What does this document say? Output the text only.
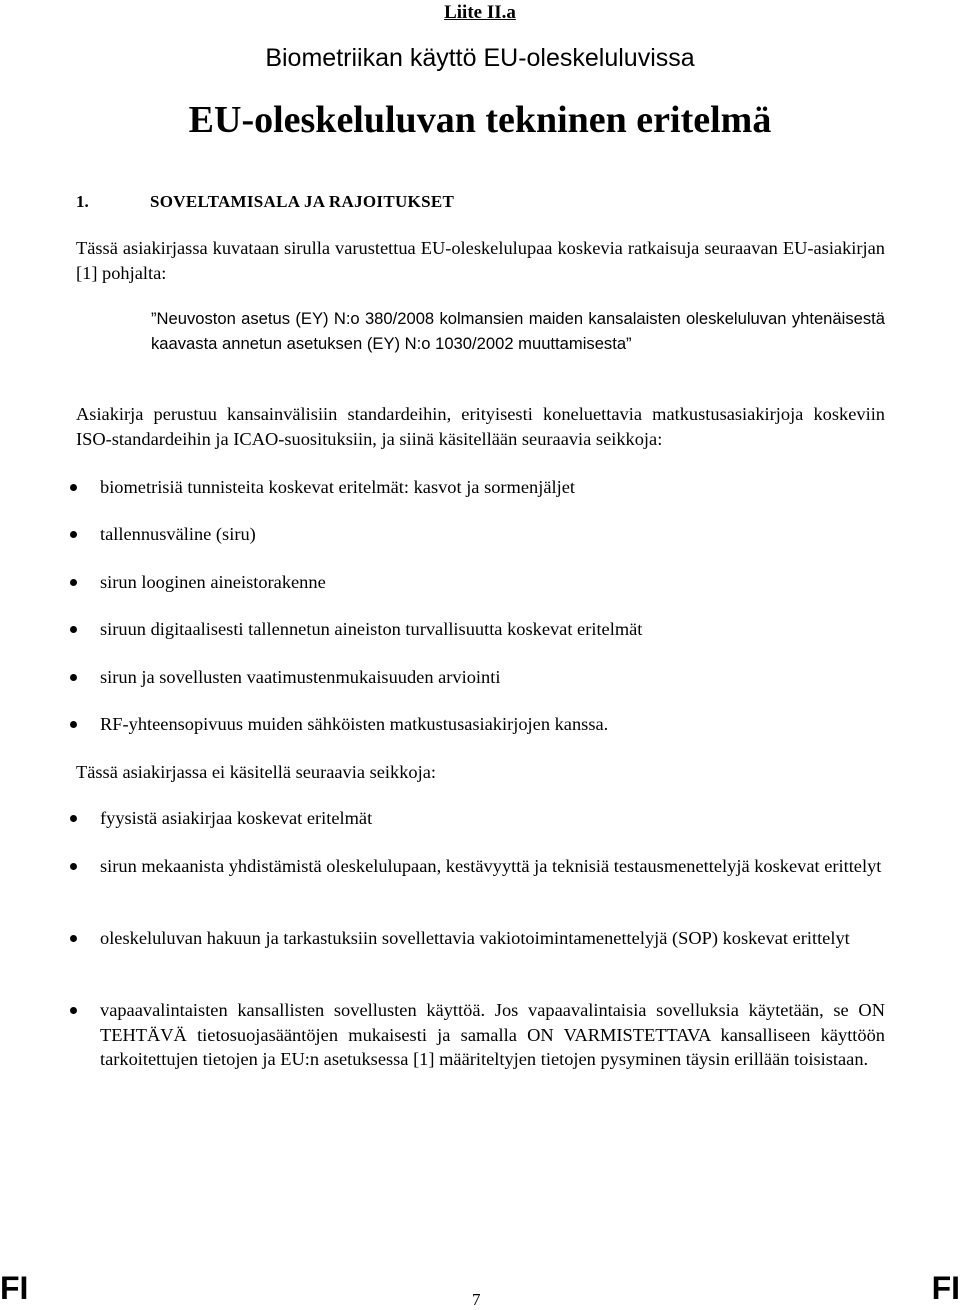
Liite II.a
Biometriikan käyttö EU-oleskeluluvissa
EU-oleskeluluvan tekninen eritelmä
1.	SOVELTAMISALA JA RAJOITUKSET
Tässä asiakirjassa kuvataan sirulla varustettua EU-oleskelulupaa koskevia ratkaisuja seuraavan EU-asiakirjan [1] pohjalta:
”Neuvoston asetus (EY) N:o 380/2008 kolmansien maiden kansalaisten oleskeluluvan yhtenäisestä kaavasta annetun asetuksen (EY) N:o 1030/2002 muuttamisesta”
Asiakirja perustuu kansainvälisiin standardeihin, erityisesti koneluettavia matkustusasiakirjoja koskeviin ISO-standardeihin ja ICAO-suosituksiin, ja siinä käsitellään seuraavia seikkoja:
biometrisiä tunnisteita koskevat eritelmät: kasvot ja sormenjäljet
tallennusväline (siru)
sirun looginen aineistorakenne
siruun digitaalisesti tallennetun aineiston turvallisuutta koskevat eritelmät
sirun ja sovellusten vaatimustenmukaisuuden arviointi
RF-yhteensopivuus muiden sähköisten matkustusasiakirjojen kanssa.
Tässä asiakirjassa ei käsitellä seuraavia seikkoja:
fyysistä asiakirjaa koskevat eritelmät
sirun mekaanista yhdistämistä oleskelulupaan, kestävyyttä ja teknisiä testausmenettelyjä koskevat erittelyt
oleskeluluvan hakuun ja tarkastuksiin sovellettavia vakiotoimintamenettelyjä (SOP) koskevat erittelyt
vapaavalintaisten kansallisten sovellusten käyttöä. Jos vapaavalintaisia sovelluksia käytetään, se ON TEHTÄVÄ tietosuojasääntöjen mukaisesti ja samalla ON VARMISTETTAVA kansalliseen käyttöön tarkoitettujen tietojen ja EU:n asetuksessa [1] määriteltyjen tietojen pysyminen täysin erillään toisistaan.
FI	7	FI
